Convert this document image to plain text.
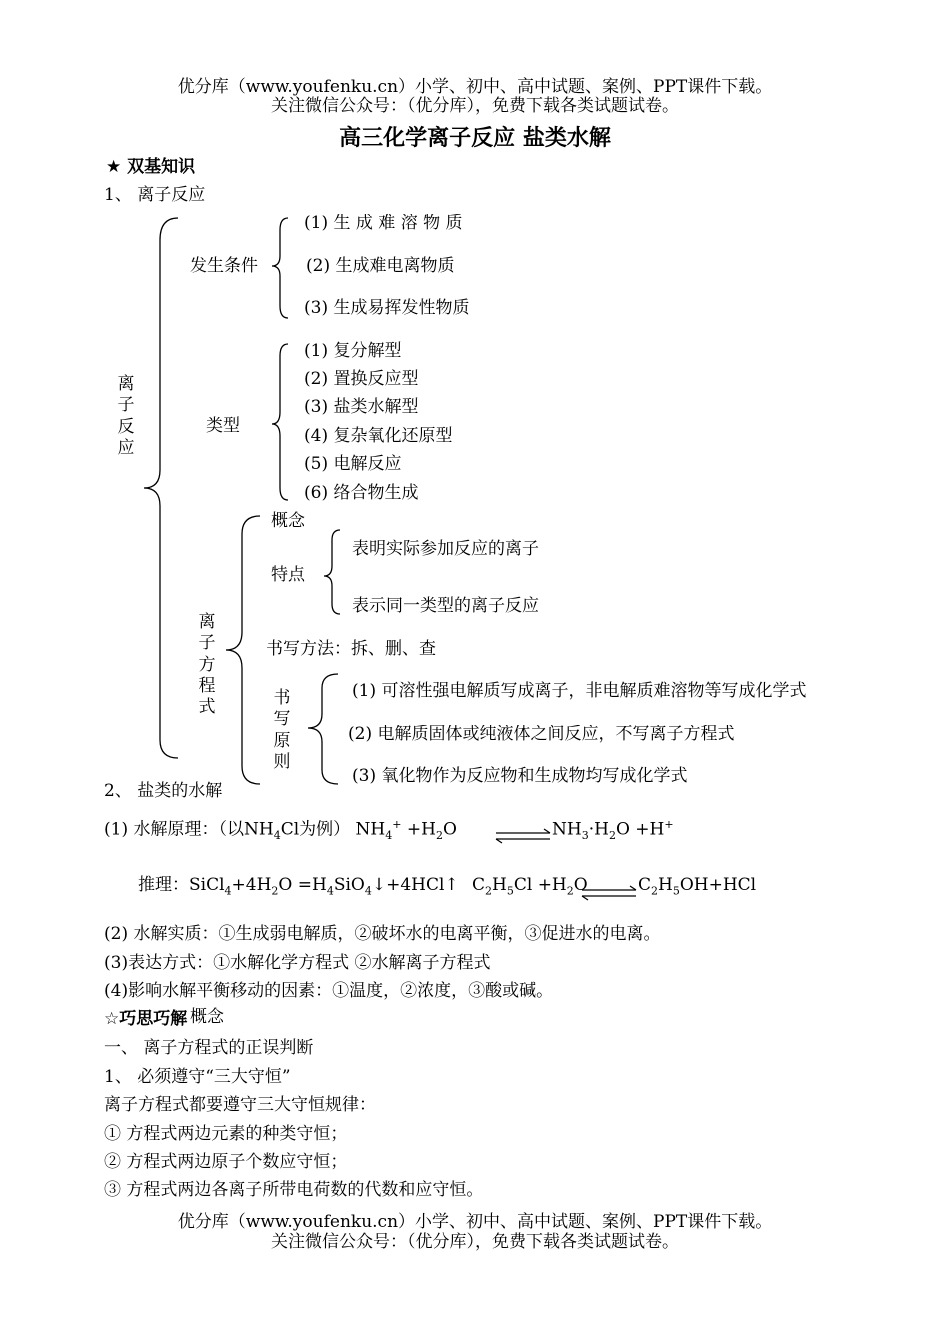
优分库（www.youfenku.cn）小学、初中、高中试题、案例、PPT课件下载。
关注微信公众号：（优分库），免费下载各类试题试卷。
高三化学离子反应 盐类水解
★ 双基知识
1、 离子反应
离子反应
发生条件
(1) 生 成 难 溶 物 质
(2) 生成难电离物质
(3) 生成易挥发性物质
类型
(1) 复分解型
(2) 置换反应型
(3) 盐类水解型
(4) 复杂氧化还原型
(5) 电解反应
(6) 络合物生成
离子方程式
概念
特点
表明实际参加反应的离子
表示同一类型的离子反应
书写方法：拆、删、查
书写原则
(1) 可溶性强电解质写成离子，非电解质难溶物等写成化学式
(2) 电解质固体或纯液体之间反应，不写离子方程式
(3) 氧化物作为反应物和生成物均写成化学式
2、 盐类的水解
(1) 水解原理：（以$NH_4Cl$为例） $NH_4^+ +H_2O$ ⇌ $NH_3\cdot H_2O +H^+$
推理：$SiCl_4+4H_2O$ $=H_4SiO_4↓+4HCl↑$ $C_2H_5Cl +H_2O$ ⇌ $C_2H_5OH+HCl$
(2) 水解实质：①生成弱电解质，②破坏水的电离平衡，③促进水的电离。
(3)表达方式：①水解化学方程式 ②水解离子方程式
(4)影响水解平衡移动的因素：①温度，②浓度，③酸或碱。
☆巧思巧解 概念
一、 离子方程式的正误判断
1、 必须遵守“三大守恒”
离子方程式都要遵守三大守恒规律：
① 方程式两边元素的种类守恒；
② 方程式两边原子个数应守恒；
③ 方程式两边各离子所带电荷数的代数和应守恒。
优分库（www.youfenku.cn）小学、初中、高中试题、案例、PPT课件下载。
关注微信公众号：（优分库），免费下载各类试题试卷。
